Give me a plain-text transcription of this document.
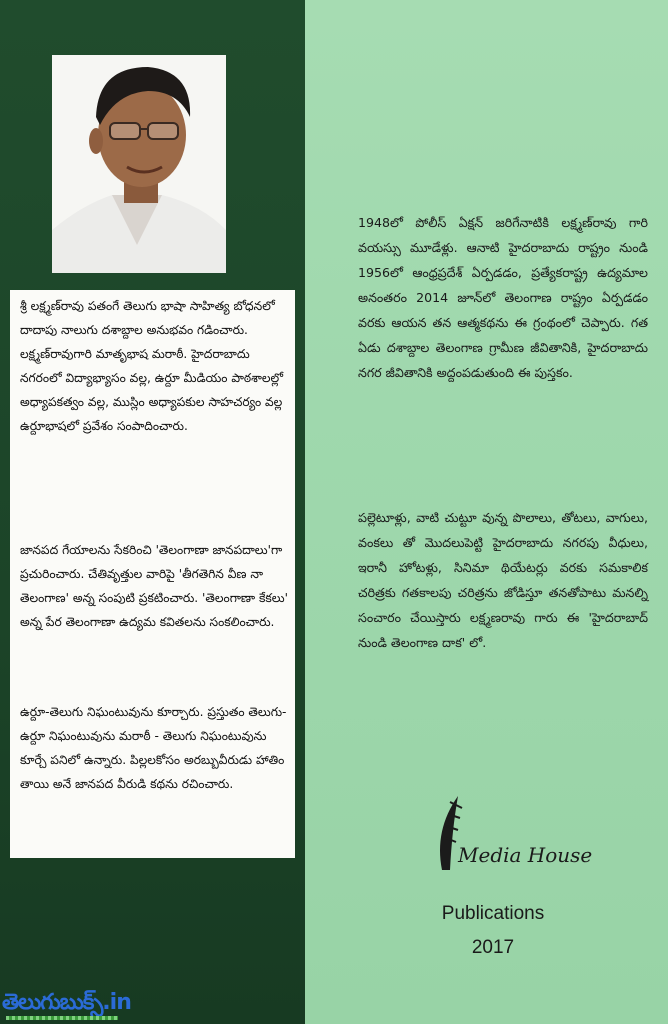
శ్రీ లక్ష్మణ్‌రావు పతంగే తెలుగు భాషా సాహిత్య బోధనలో దాదాపు నాలుగు దశాబ్దాల అనుభవం గడించారు. లక్ష్మణ్‌రావుగారి మాతృభాష మరాఠీ. హైదరాబాదు నగరంలో విద్యాభ్యాసం వల్ల, ఉర్దూ మీడియం పాఠశాలల్లో అధ్యాపకత్వం వల్ల, ముస్లిం అధ్యాపకుల సాహచర్యం వల్ల ఉర్దూభాషలో ప్రవేశం సంపాదించారు.

జానపద గేయాలను సేకరించి 'తెలంగాణా జానపదాలు'గా ప్రచురించారు. చేతివృత్తుల వారిపై 'తీగతెగిన వీణ నా తెలంగాణ' అన్న సంపుటి ప్రకటించారు. 'తెలంగాణా కేకలు' అన్న పేర తెలంగాణా ఉద్యమ కవితలను సంకలించారు.

ఉర్దూ-తెలుగు నిఘంటువును కూర్చారు. ప్రస్తుతం తెలుగు-ఉర్దూ నిఘంటువును మరాఠీ - తెలుగు నిఘంటువును కూర్చే పనిలో ఉన్నారు. పిల్లలకోసం అరబ్బువీరుడు హాతిం తాయి అనే జానపద వీరుడి కథను రచించారు.

1948లో పోలీస్ ఏక్షన్ జరిగేనాటికి లక్ష్మణ్‌రావు గారి వయస్సు మూడేళ్లు. ఆనాటి హైదరాబాదు రాష్ట్రం నుండి 1956లో ఆంధ్రప్రదేశ్ ఏర్పడడం, ప్రత్యేకరాష్ట్ర ఉద్యమాల అనంతరం 2014 జూన్‌లో తెలంగాణ రాష్ట్రం ఏర్పడడం వరకు ఆయన తన ఆత్మకథను ఈ గ్రంథంలో చెప్పారు. గత ఏడు దశాబ్దాల తెలంగాణ గ్రామీణ జీవితానికి, హైదరాబాదు నగర జీవితానికి అద్దంపడుతుంది ఈ పుస్తకం.

పల్లెటూళ్లు, వాటి చుట్టూ వున్న పొలాలు, తోటలు, వాగులు, వంకలు తో మొదలుపెట్టి హైదరాబాదు నగరపు వీధులు, ఇరానీ హోటళ్లు, సినిమా థియేటర్లు వరకు సమకాలిక చరిత్రకు గతకాలపు చరిత్రను జోడిస్తూ తనతోపాటు మనల్ని సంచారం చేయిస్తారు లక్ష్మణరావు గారు ఈ 'హైదరాబాద్ నుండి తెలంగాణ దాక' లో.

Media House
Publications
2017
తెలుగుబుక్స్.in
